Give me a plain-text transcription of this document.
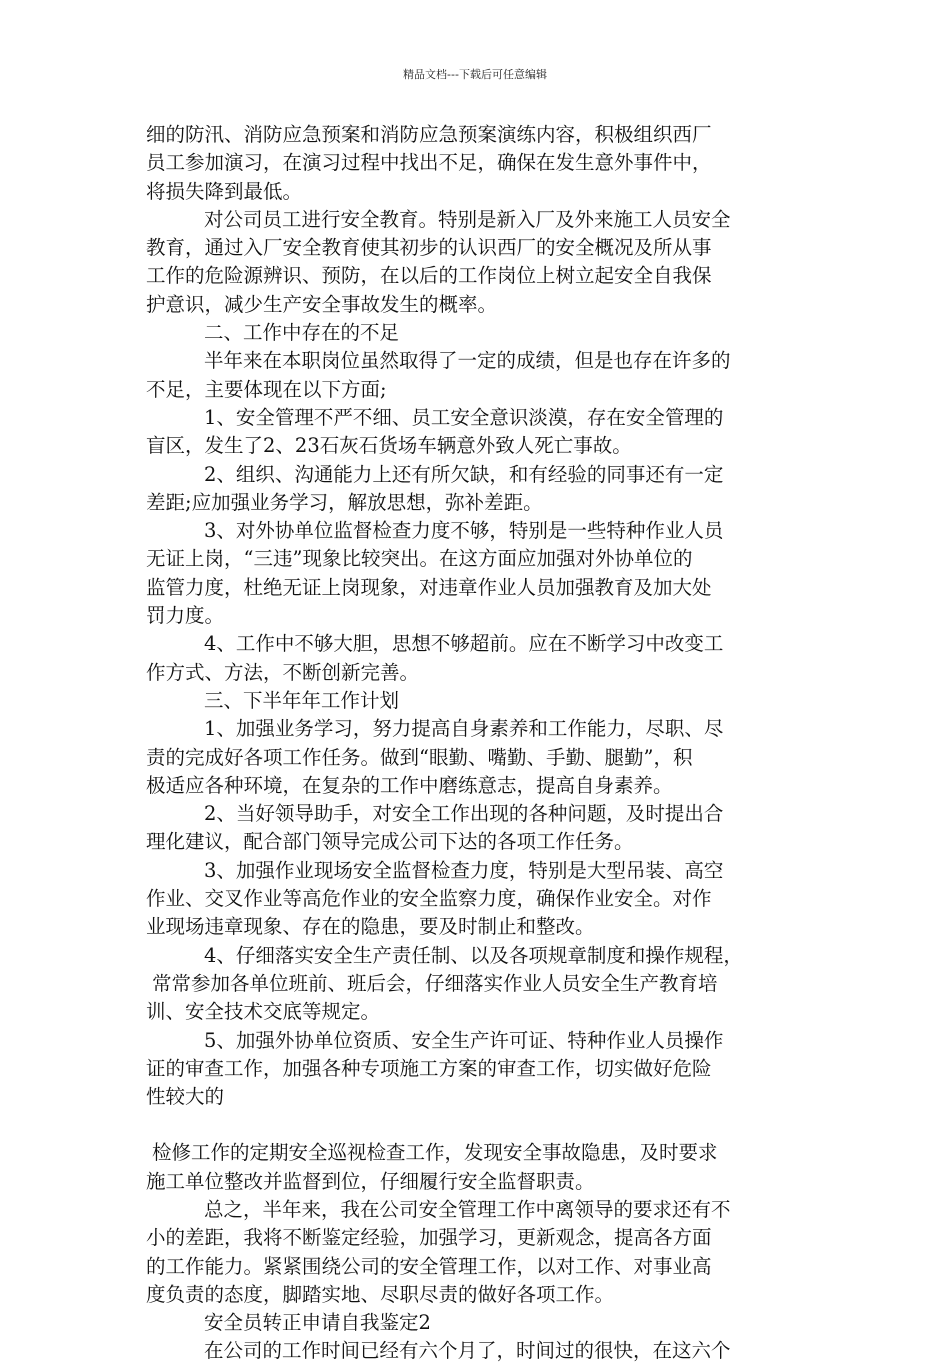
精品文档---下载后可任意编辑

细的防汛、消防应急预案和消防应急预案演练内容，积极组织西厂

员工参加演习，在演习过程中找出不足，确保在发生意外事件中，

将损失降到最低。

对公司员工进行安全教育。特别是新入厂及外来施工人员安全

教育，通过入厂安全教育使其初步的认识西厂的安全概况及所从事

工作的危险源辨识、预防，在以后的工作岗位上树立起安全自我保

护意识，减少生产安全事故发生的概率。

二、工作中存在的不足

半年来在本职岗位虽然取得了一定的成绩，但是也存在许多的

不足，主要体现在以下方面;

1、安全管理不严不细、员工安全意识淡漠，存在安全管理的

盲区，发生了2、23石灰石货场车辆意外致人死亡事故。

2、组织、沟通能力上还有所欠缺，和有经验的同事还有一定

差距;应加强业务学习，解放思想，弥补差距。

3、对外协单位监督检查力度不够，特别是一些特种作业人员

无证上岗，“三违”现象比较突出。在这方面应加强对外协单位的

监管力度，杜绝无证上岗现象，对违章作业人员加强教育及加大处

罚力度。

4、工作中不够大胆，思想不够超前。应在不断学习中改变工

作方式、方法，不断创新完善。

三、下半年年工作计划

1、加强业务学习，努力提高自身素养和工作能力，尽职、尽

责的完成好各项工作任务。做到“眼勤、嘴勤、手勤、腿勤”，积

极适应各种环境，在复杂的工作中磨练意志，提高自身素养。

2、当好领导助手，对安全工作出现的各种问题，及时提出合

理化建议，配合部门领导完成公司下达的各项工作任务。

3、加强作业现场安全监督检查力度，特别是大型吊装、高空

作业、交叉作业等高危作业的安全监察力度，确保作业安全。对作

业现场违章现象、存在的隐患，要及时制止和整改。

4、仔细落实安全生产责任制、以及各项规章制度和操作规程，

常常参加各单位班前、班后会，仔细落实作业人员安全生产教育培

训、安全技术交底等规定。

5、加强外协单位资质、安全生产许可证、特种作业人员操作

证的审查工作，加强各种专项施工方案的审查工作，切实做好危险

性较大的

检修工作的定期安全巡视检查工作，发现安全事故隐患，及时要求

施工单位整改并监督到位，仔细履行安全监督职责。

总之，半年来，我在公司安全管理工作中离领导的要求还有不

小的差距，我将不断鉴定经验，加强学习，更新观念，提高各方面

的工作能力。紧紧围绕公司的安全管理工作，以对工作、对事业高

度负责的态度，脚踏实地、尽职尽责的做好各项工作。

安全员转正申请自我鉴定2

在公司的工作时间已经有六个月了，时间过的很快，在这六个
